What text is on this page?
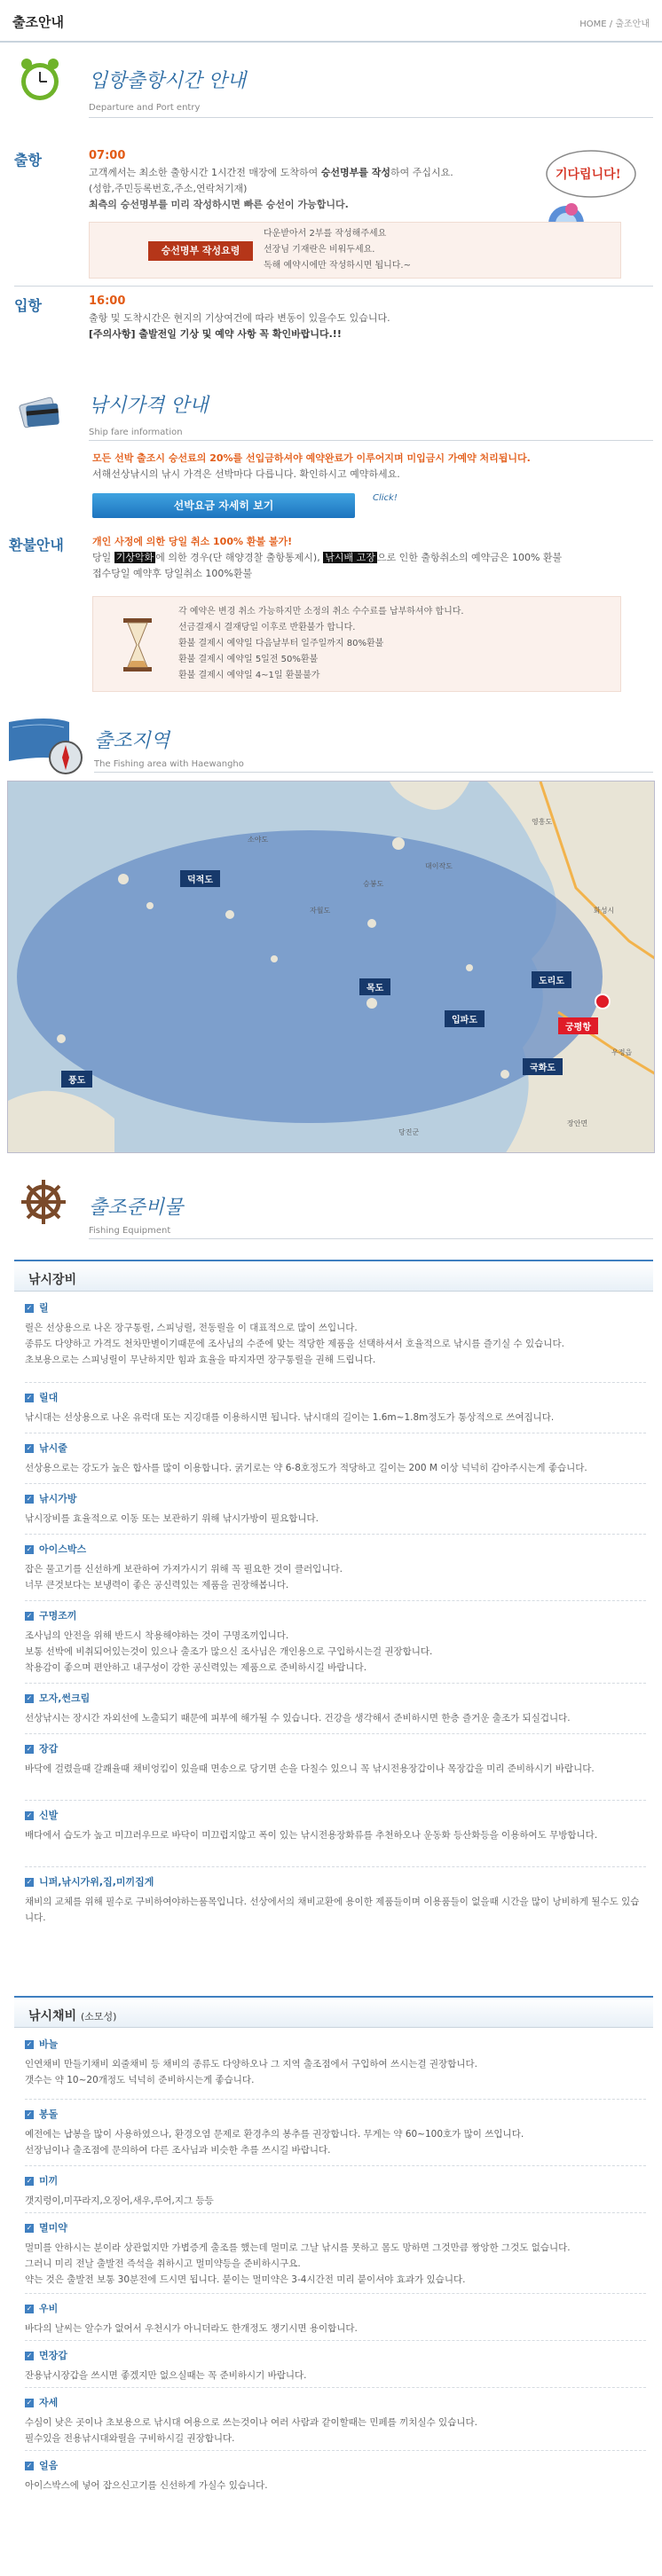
출조안내	HOME / 출조안내
입항출항시간 안내
Departure and Port entry
출항	07:00
고객께서는 최소한 출항시간 1시간전 매장에 도착하여 승선명부를 작성하여 주십시요.
(성함,주민등록번호,주소,연락처기재)
최측의 승선명부를 미리 작성하시면 빠른 승선이 가능합니다.
기다립니다!
승선명부 작성요령
다운받아서 2부를 작성해주세요
선장님 기재란은 비워두세요.
독해 예약시에만 작성하시면 됩니다.~
입항	16:00
출항 및 도착시간은 현지의 기상여건에 따라 변동이 있을수도 있습니다.
[주의사항] 출발전일 기상 및 예약 사항 꼭 확인바랍니다.!!
낚시가격 안내
Ship fare information
모든 선박 출조시 승선료의 20%를 선입금하셔야 예약완료가 이루어지며 미입금시 가예약 처리됩니다.
서해선상낚시의 낚시 가격은 선박마다 다릅니다. 확인하시고 예약하세요.
선박요금 자세히 보기
Click!
환불안내	개인 사정에 의한 당일 취소 100% 환불 불가!
당일 기상악화 에 의한 경우(단 해양경찰 출항통제시), 낚시배 고장 으로 인한 출항취소의 예약금은 100% 환불
접수당일 예약후 당일취소 100%환불
각 예약은 변경 취소 가능하지만 소정의 취소 수수료를 납부하셔야 합니다.
선금결재시 결재당일 이후로 반환불가 합니다.
환불 결제시 예약일 다음날부터 일주일까지 80%환불
환불 결제시 예약일 5일전 50%환불
환불 결제시 예약일 4~1일 환불불가
출조지역
The Fishing area with Haewangho
덕적도
목도
입파도
도리도
궁평항
국화도
풍도
영흥도
대이작도
자월도
승봉도
소야도
화성시
우정읍
장안면
당진군
출조준비물
Fishing Equipment
낚시장비
✓ 릴
릴은 선상용으로 나온 장구통릴, 스피닝릴, 전동릴을 이 대표적으로 많이 쓰입니다.
종류도 다양하고 가격도 천차만별이기때문에 조사님의 수준에 맞는 적당한 제품을 선택하셔서 호율적으로 낚시를 즐기실 수 있습니다.
초보용으로는 스피닝릴이 무난하지만 힘과 효율을 따지자면 장구통릴을 권해 드립니다.
✓ 릴대
낚시대는 선상용으로 나온 유럭대 또는 지깅대를 이용하시면 됩니다. 낚시대의 길이는 1.6m~1.8m정도가 통상적으로 쓰여집니다.
✓ 낚시줄
선상용으로는 강도가 높은 합사를 많이 이용합니다. 굵기로는 약 6-8호정도가 적당하고 길이는 200 M 이상 넉넉히 감아주시는게 좋습니다.
✓ 낚시가방
낚시장비를 효율적으로 이동 또는 보관하기 위해 낚시가방이 필요합니다.
✓ 아이스박스
잡은 물고기를 신선하게 보관하여 가져가시기 위해 꼭 필요한 것이 클러입니다.
너무 큰것보다는 보냉력이 좋은 공신력있는 제품을 권장해봅니다.
✓ 구명조끼
조사님의 안전을 위해 반드시 착용해야하는 것이 구명조끼입니다.
보통 선박에 비취되어있는것이 있으나 출조가 많으신 조사님은 개인용으로 구입하시는걸 권장합니다.
착용감이 좋으며 편안하고 내구성이 강한 공신력있는 제품으로 준비하시길 바랍니다.
✓ 모자,썬크림
선상낚시는 장시간 자외선에 노출되기 때문에 피부에 해가될 수 있습니다. 건강을 생각해서 준비하시면 한층 즐거운 출조가 되실겁니다.
✓ 장갑
바닥에 걸렸을때 갈쾌율때 채비엉킴이 있을때 면송으로 당기면 손을 다칠수 있으니 꼭 낚시전용장갑이나 목장갑을 미리 준비하시기 바랍니다.
✓ 신발
배다에서 습도가 높고 미끄러우므로 바닥이 미끄럽지않고 폭이 있는 낚시전용장화류를 추천하오나 운동화 등산화등을 이용하여도 무방합니다.
✓ 니퍼,낚시가위,집,미끼집게
채비의 교체를 위해 필수로 구비하여야하는품목입니다. 선상에서의 채비교환에 용이한 제품들이며 이용품들이 없을때 시간을 많이 낭비하게 될수도 있습니다.
낚시채비 (소모성)
✓ 바늘
인연채비 만들기채비 외줄채비 등 채비의 종류도 다양하오나 그 지역 출조점에서 구입하여 쓰시는걸 권장합니다.
갯수는 약 10~20개정도 넉넉히 준비하시는게 좋습니다.
✓ 봉돌
예전에는 납봉을 많이 사용하였으나, 환경오염 문제로 환경추의 봉추를 권장합니다. 무게는 약 60~100호가 많이 쓰입니다.
선장님이나 출조점에 문의하여 다른 조사님과 비슷한 추를 쓰시길 바랍니다.
✓ 미끼
갯지렁이,미꾸라지,오징어,새우,루어,지그 등등
✓ 멸미약
멀미를 안하시는 분이라 상관없지만 가볍증게 출조를 했는데 멀미로 그날 낚시를 못하고 몸도 망하면 그것만큼 짱앙한 그것도 없습니다.
그러니 미리 전날 출발전 즉석을 취하시고 멀미약등을 준비하시구요.
약는 것은 출발전 보통 30분전에 드시면 됩니다. 붙이는 멀미약은 3-4시간전 미리 붙이셔야 효과가 있습니다.
✓ 우비
바다의 날씨는 알수가 없어서 우천시가 아니더라도 한개정도 챙기시면 용이합니다.
✓ 면장갑
잔용낚시장갑을 쓰시면 좋겠지만 없으실때는 꼭 준비하시기 바랍니다.
✓ 자세
수심이 낮은 곳이나 초보용으로 낚시대 여용으로 쓰는것이나 여러 사람과 같이할때는 민페를 끼치실수 있습니다.
필수있을 전용낚시대와릴을 구비하시길 권장합니다.
✓ 얼음
아이스박스에 넣어 잡으신고기를 신선하게 가실수 있습니다.
